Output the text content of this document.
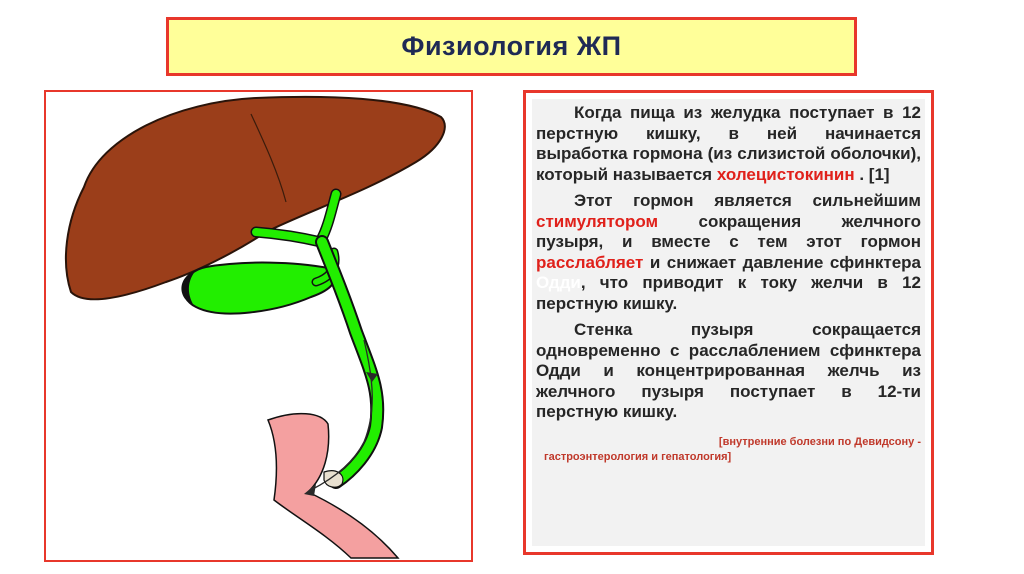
Физиология ЖП

Когда пища из желудка поступает в 12 перстную кишку, в ней начинается выработка гормона (из слизистой оболочки), который называется холецистокинин . [1]

Этот гормон является сильнейшим стимулятором сокращения желчного пузыря, и вместе с тем этот гормон расслабляет и снижает давление сфинктера Одди, что приводит к току желчи в 12 перстную кишку.

Стенка пузыря сокращается одновременно с расслаблением сфинктера Одди и концентрированная желчь из желчного пузыря поступает в 12-ти перстную кишку.

[внутренние болезни по Девидсону -
гастроэнтерология и гепатология]
